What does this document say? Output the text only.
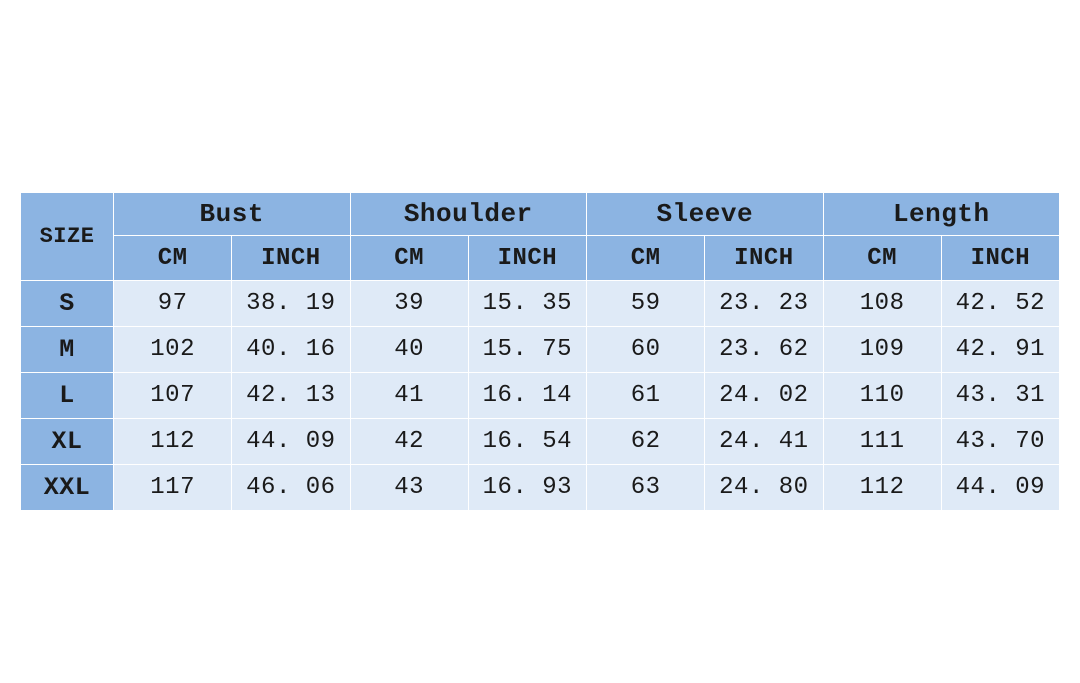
SIZE	Bust		Shoulder		Sleeve		Length	
	CM	INCH	CM	INCH	CM	INCH	CM	INCH
S	97	38. 19	39	15. 35	59	23. 23	108	42. 52
M	102	40. 16	40	15. 75	60	23. 62	109	42. 91
L	107	42. 13	41	16. 14	61	24. 02	110	43. 31
XL	112	44. 09	42	16. 54	62	24. 41	111	43. 70
XXL	117	46. 06	43	16. 93	63	24. 80	112	44. 09
